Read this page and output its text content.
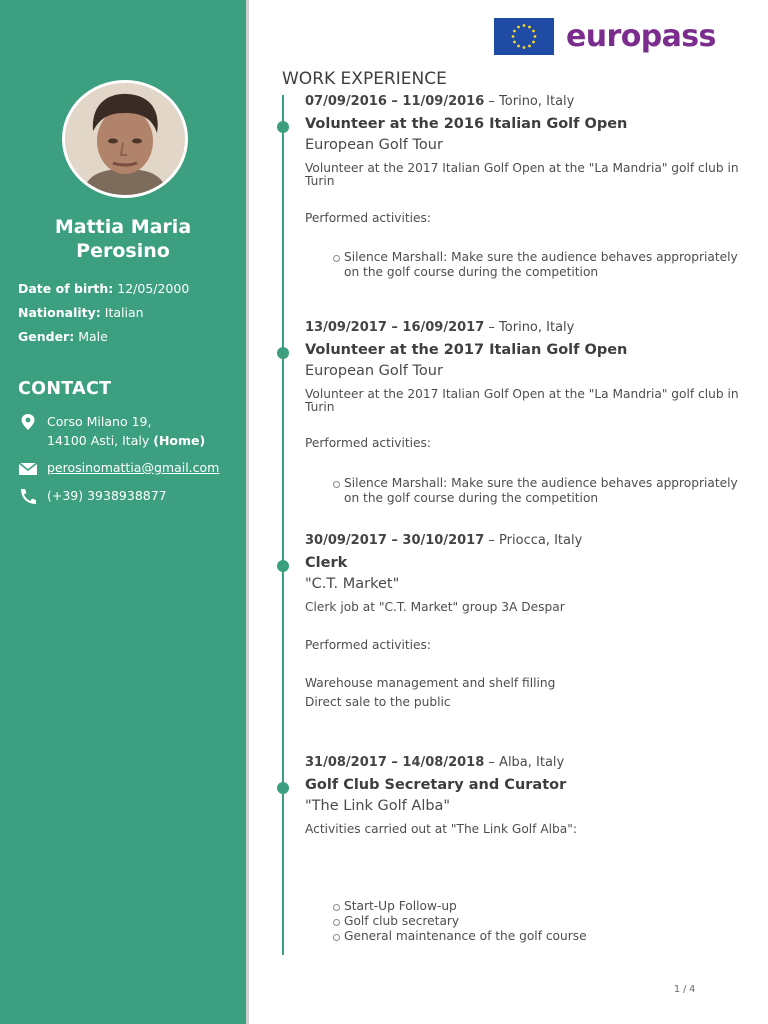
Mattia Maria
Perosino
Date of birth: 12/05/2000
Nationality: Italian
Gender: Male
CONTACT
Corso Milano 19,
14100 Asti, Italy (Home)
perosinomattia@gmail.com
(+39) 3938938877
europass
WORK EXPERIENCE
07/09/2016 – 11/09/2016 – Torino, Italy
Volunteer at the 2016 Italian Golf Open
European Golf Tour
Volunteer at the 2017 Italian Golf Open at the "La Mandria" golf club in Turin
Performed activities:
Silence Marshall: Make sure the audience behaves appropriately on the golf course during the competition
13/09/2017 – 16/09/2017 – Torino, Italy
Volunteer at the 2017 Italian Golf Open
European Golf Tour
Volunteer at the 2017 Italian Golf Open at the "La Mandria" golf club in Turin
Performed activities:
Silence Marshall: Make sure the audience behaves appropriately on the golf course during the competition
30/09/2017 – 30/10/2017 – Priocca, Italy
Clerk
"C.T. Market"
Clerk job at "C.T. Market" group 3A Despar
Performed activities:
Warehouse management and shelf filling
Direct sale to the public
31/08/2017 – 14/08/2018 – Alba, Italy
Golf Club Secretary and Curator
"The Link Golf Alba"
Activities carried out at "The Link Golf Alba":
Start-Up Follow-up
Golf club secretary
General maintenance of the golf course
1 / 4
